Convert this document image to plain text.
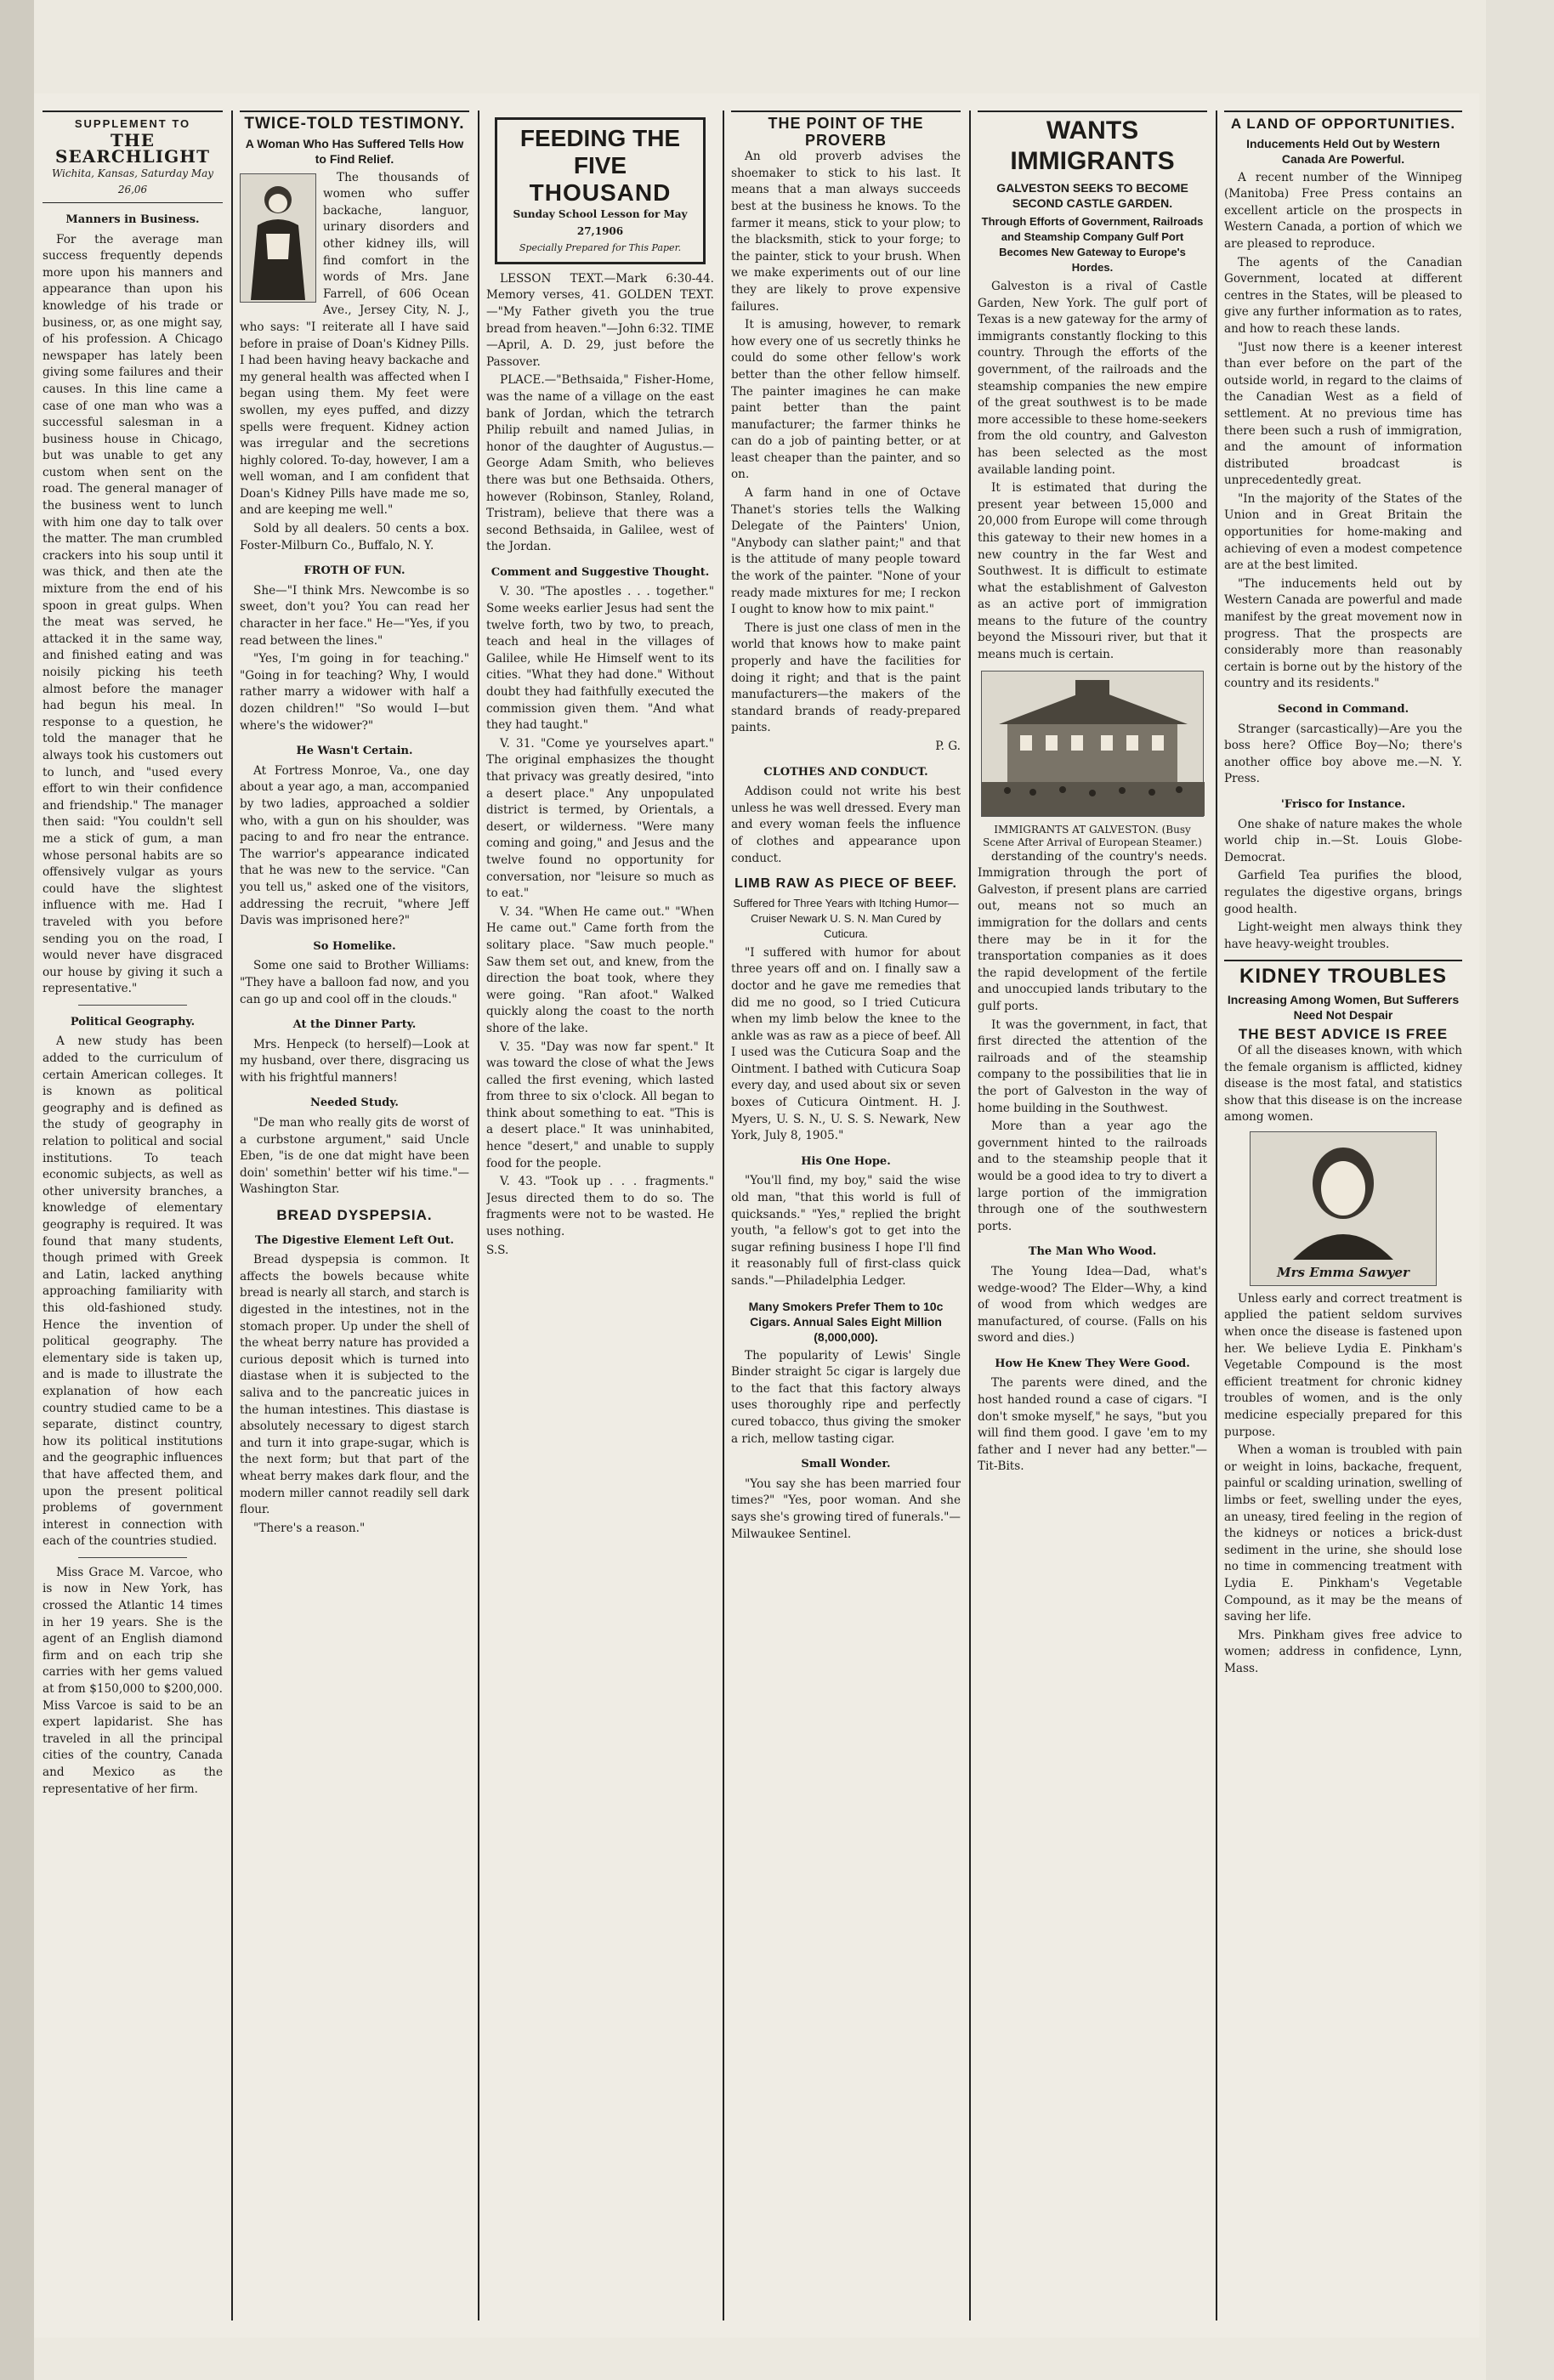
SUPPLEMENT TO
THE SEARCHLIGHT
Wichita, Kansas, Saturday May 26,06
Manners in Business.

For the average man success frequently depends more upon his manners and appearance than upon his knowledge of his trade or business, or, as one might say, of his profession. A Chicago newspaper has lately been giving some failures and their causes. In this line came a case of one man who was a successful salesman in a business house in Chicago, but was unable to get any custom when sent on the road. The general manager of the business went to lunch with him one day to talk over the matter. The man crumbled crackers into his soup until it was thick, and then ate the mixture from the end of his spoon in great gulps. When the meat was served, he attacked it in the same way, and finished eating and was noisily picking his teeth almost before the manager had begun his meal. In response to a question, he told the manager that he always took his customers out to lunch, and "used every effort to win their confidence and friendship." The manager then said: "You couldn't sell me a stick of gum, a man whose personal habits are so offensively vulgar as yours could have the slightest influence with me. Had I traveled with you before sending you on the road, I would never have disgraced our house by giving it such a representative."

Political Geography.

A new study has been added to the curriculum of certain American colleges. It is known as political geography and is defined as the study of geography in relation to political and social institutions. To teach economic subjects, as well as other university branches, a knowledge of elementary geography is required. It was found that many students, though primed with Greek and Latin, lacked anything approaching familiarity with this old-fashioned study. Hence the invention of political geography. The elementary side is taken up, and is made to illustrate the explanation of how each country studied came to be a separate, distinct country, how its political institutions and the geographic influences that have affected them, and upon the present political problems of government interest in connection with each of the countries studied.

Miss Grace M. Varcoe, who is now in New York, has crossed the Atlantic 14 times in her 19 years. She is the agent of an English diamond firm and on each trip she carries with her gems valued at from $150,000 to $200,000. Miss Varcoe is said to be an expert lapidarist. She has traveled in all the principal cities of the country, Canada and Mexico as the representative of her firm.

TWICE-TOLD TESTIMONY.
A Woman Who Has Suffered Tells How to Find Relief.

The thousands of women who suffer backache, languor, urinary disorders and other kidney ills, will find comfort in the words of Mrs. Jane Farrell, of 606 Ocean Ave., Jersey City, N. J., who says: "I reiterate all I have said before in praise of Doan's Kidney Pills. I had been having heavy backache and my general health was affected when I began using them. My feet were swollen, my eyes puffed, and dizzy spells were frequent. Kidney action was irregular and the secretions highly colored. To-day, however, I am a well woman, and I am confident that Doan's Kidney Pills have made me so, and are keeping me well."

Sold by all dealers. 50 cents a box. Foster-Milburn Co., Buffalo, N. Y.

FROTH OF FUN.

She—"I think Mrs. Newcombe is so sweet, don't you? You can read her character in her face." He—"Yes, if you read between the lines."

"Yes, I'm going in for teaching." "Going in for teaching? Why, I would rather marry a widower with half a dozen children!" "So would I—but where's the widower?"

He Wasn't Certain.

At Fortress Monroe, Va., one day about a year ago, a man, accompanied by two ladies, approached a soldier who, with a gun on his shoulder, was pacing to and fro near the entrance. The warrior's appearance indicated that he was new to the service. "Can you tell us," asked one of the visitors, addressing the recruit, "where Jeff Davis was imprisoned here?"

So Homelike.

Some one said to Brother Williams: "They have a balloon fad now, and you can go up and cool off in the clouds."

At the Dinner Party.

Mrs. Henpeck (to herself)—Look at my husband, over there, disgracing us with his frightful manners!

Needed Study.

"De man who really gits de worst of a curbstone argument," said Uncle Eben, "is de one dat might have been doin' somethin' better wif his time."—Washington Star.

BREAD DYSPEPSIA.
The Digestive Element Left Out.

Bread dyspepsia is common. It affects the bowels because white bread is nearly all starch, and starch is digested in the intestines, not in the stomach proper. Up under the shell of the wheat berry nature has provided a curious deposit which is turned into diastase when it is subjected to the saliva and to the pancreatic juices in the human intestines. This diastase is absolutely necessary to digest starch and turn it into grape-sugar, which is the next form; but that part of the wheat berry makes dark flour, and the modern miller cannot readily sell dark flour.

"There's a reason."

FEEDING THE FIVE
THOUSAND
Sunday School Lesson for May 27,1906
Specially Prepared for This Paper.

LESSON TEXT.—Mark 6:30-44. Memory verses, 41. GOLDEN TEXT.—"My Father giveth you the true bread from heaven."—John 6:32. TIME—April, A. D. 29, just before the Passover.

PLACE.—"Bethsaida," Fisher-Home, was the name of a village on the east bank of Jordan, which the tetrarch Philip rebuilt and named Julias, in honor of the daughter of Augustus.—George Adam Smith, who believes there was but one Bethsaida. Others, however (Robinson, Stanley, Roland, Tristram), believe that there was a second Bethsaida, in Galilee, west of the Jordan.

Comment and Suggestive Thought.

V. 30. "The apostles . . . together." Some weeks earlier Jesus had sent the twelve forth, two by two, to preach, teach and heal in the villages of Galilee, while He Himself went to its cities. "What they had done." Without doubt they had faithfully executed the commission given them. "And what they had taught."

V. 31. "Come ye yourselves apart." The original emphasizes the thought that privacy was greatly desired, "into a desert place." Any unpopulated district is termed, by Orientals, a desert, or wilderness. "Were many coming and going," and Jesus and the twelve found no opportunity for conversation, nor "leisure so much as to eat."

V. 34. "When He came out." "When He came out." Came forth from the solitary place. "Saw much people." Saw them set out, and knew, from the direction the boat took, where they were going. "Ran afoot." Walked quickly along the coast to the north shore of the lake.

V. 35. "Day was now far spent." It was toward the close of what the Jews called the first evening, which lasted from three to six o'clock. All began to think about something to eat. "This is a desert place." It was uninhabited, hence "desert," and unable to supply food for the people.

V. 43. "Took up . . . fragments." Jesus directed them to do so. The fragments were not to be wasted. He uses nothing.

S.S.
THE POINT OF THE PROVERB

An old proverb advises the shoemaker to stick to his last. It means that a man always succeeds best at the business he knows. To the farmer it means, stick to your plow; to the blacksmith, stick to your forge; to the painter, stick to your brush. When we make experiments out of our line they are likely to prove expensive failures.

It is amusing, however, to remark how every one of us secretly thinks he could do some other fellow's work better than the other fellow himself. The painter imagines he can make paint better than the paint manufacturer; the farmer thinks he can do a job of painting better, or at least cheaper than the painter, and so on.

A farm hand in one of Octave Thanet's stories tells the Walking Delegate of the Painters' Union, "Anybody can slather paint;" and that is the attitude of many people toward the work of the painter. "None of your ready made mixtures for me; I reckon I ought to know how to mix paint."

There is just one class of men in the world that knows how to make paint properly and have the facilities for doing it right; and that is the paint manufacturers—the makers of the standard brands of ready-prepared paints.

P. G.
CLOTHES AND CONDUCT.

Addison could not write his best unless he was well dressed. Every man and every woman feels the influence of clothes and appearance upon conduct.

LIMB RAW AS PIECE OF BEEF.
Suffered for Three Years with Itching Humor—Cruiser Newark U. S. N. Man Cured by Cuticura.

"I suffered with humor for about three years off and on. I finally saw a doctor and he gave me remedies that did me no good, so I tried Cuticura when my limb below the knee to the ankle was as raw as a piece of beef. All I used was the Cuticura Soap and the Ointment. I bathed with Cuticura Soap every day, and used about six or seven boxes of Cuticura Ointment. H. J. Myers, U. S. N., U. S. S. Newark, New York, July 8, 1905."

His One Hope.

"You'll find, my boy," said the wise old man, "that this world is full of quicksands." "Yes," replied the bright youth, "a fellow's got to get into the sugar refining business I hope I'll find it reasonably full of first-class quick sands."—Philadelphia Ledger.

Many Smokers Prefer Them to 10c Cigars. Annual Sales Eight Million (8,000,000).

The popularity of Lewis' Single Binder straight 5c cigar is largely due to the fact that this factory always uses thoroughly ripe and perfectly cured tobacco, thus giving the smoker a rich, mellow tasting cigar.

Small Wonder.

"You say she has been married four times?" "Yes, poor woman. And she says she's growing tired of funerals."—Milwaukee Sentinel.

WANTS IMMIGRANTS
GALVESTON SEEKS TO BECOME SECOND CASTLE GARDEN.
Through Efforts of Government, Railroads and Steamship Company Gulf Port Becomes New Gateway to Europe's Hordes.

Galveston is a rival of Castle Garden, New York. The gulf port of Texas is a new gateway for the army of immigrants constantly flocking to this country. Through the efforts of the government, of the railroads and the steamship companies the new empire of the great southwest is to be made more accessible to these home-seekers from the old country, and Galveston has been selected as the most available landing point.

It is estimated that during the present year between 15,000 and 20,000 from Europe will come through this gateway to their new homes in a new country in the far West and Southwest. It is difficult to estimate what the establishment of Galveston as an active port of immigration means to the future of the country beyond the Missouri river, but that it means much is certain.

IMMIGRANTS AT GALVESTON. (Busy Scene After Arrival of European Steamer.)

derstanding of the country's needs. Immigration through the port of Galveston, if present plans are carried out, means not so much an immigration for the dollars and cents there may be in it for the transportation companies as it does the rapid development of the fertile and unoccupied lands tributary to the gulf ports.

It was the government, in fact, that first directed the attention of the railroads and of the steamship company to the possibilities that lie in the port of Galveston in the way of home building in the Southwest.

More than a year ago the government hinted to the railroads and to the steamship people that it would be a good idea to try to divert a large portion of the immigration through one of the southwestern ports.

The Man Who Wood.

The Young Idea—Dad, what's wedge-wood? The Elder—Why, a kind of wood from which wedges are manufactured, of course. (Falls on his sword and dies.)

How He Knew They Were Good.

The parents were dined, and the host handed round a case of cigars. "I don't smoke myself," he says, "but you will find them good. I gave 'em to my father and I never had any better."—Tit-Bits.

A LAND OF OPPORTUNITIES.
Inducements Held Out by Western Canada Are Powerful.

A recent number of the Winnipeg (Manitoba) Free Press contains an excellent article on the prospects in Western Canada, a portion of which we are pleased to reproduce.

The agents of the Canadian Government, located at different centres in the States, will be pleased to give any further information as to rates, and how to reach these lands.

"Just now there is a keener interest than ever before on the part of the outside world, in regard to the claims of the Canadian West as a field of settlement. At no previous time has there been such a rush of immigration, and the amount of information distributed broadcast is unprecedentedly great.

"In the majority of the States of the Union and in Great Britain the opportunities for home-making and achieving of even a modest competence are at the best limited.

"The inducements held out by Western Canada are powerful and made manifest by the great movement now in progress. That the prospects are considerably more than reasonably certain is borne out by the history of the country and its residents."

Second in Command.

Stranger (sarcastically)—Are you the boss here? Office Boy—No; there's another office boy above me.—N. Y. Press.

'Frisco for Instance.

One shake of nature makes the whole world chip in.—St. Louis Globe-Democrat.

Garfield Tea purifies the blood, regulates the digestive organs, brings good health.

Light-weight men always think they have heavy-weight troubles.

KIDNEY TROUBLES
Increasing Among Women, But Sufferers Need Not Despair
THE BEST ADVICE IS FREE

Of all the diseases known, with which the female organism is afflicted, kidney disease is the most fatal, and statistics show that this disease is on the increase among women.

Mrs Emma Sawyer

Unless early and correct treatment is applied the patient seldom survives when once the disease is fastened upon her. We believe Lydia E. Pinkham's Vegetable Compound is the most efficient treatment for chronic kidney troubles of women, and is the only medicine especially prepared for this purpose.

When a woman is troubled with pain or weight in loins, backache, frequent, painful or scalding urination, swelling of limbs or feet, swelling under the eyes, an uneasy, tired feeling in the region of the kidneys or notices a brick-dust sediment in the urine, she should lose no time in commencing treatment with Lydia E. Pinkham's Vegetable Compound, as it may be the means of saving her life.

Mrs. Pinkham gives free advice to women; address in confidence, Lynn, Mass.
